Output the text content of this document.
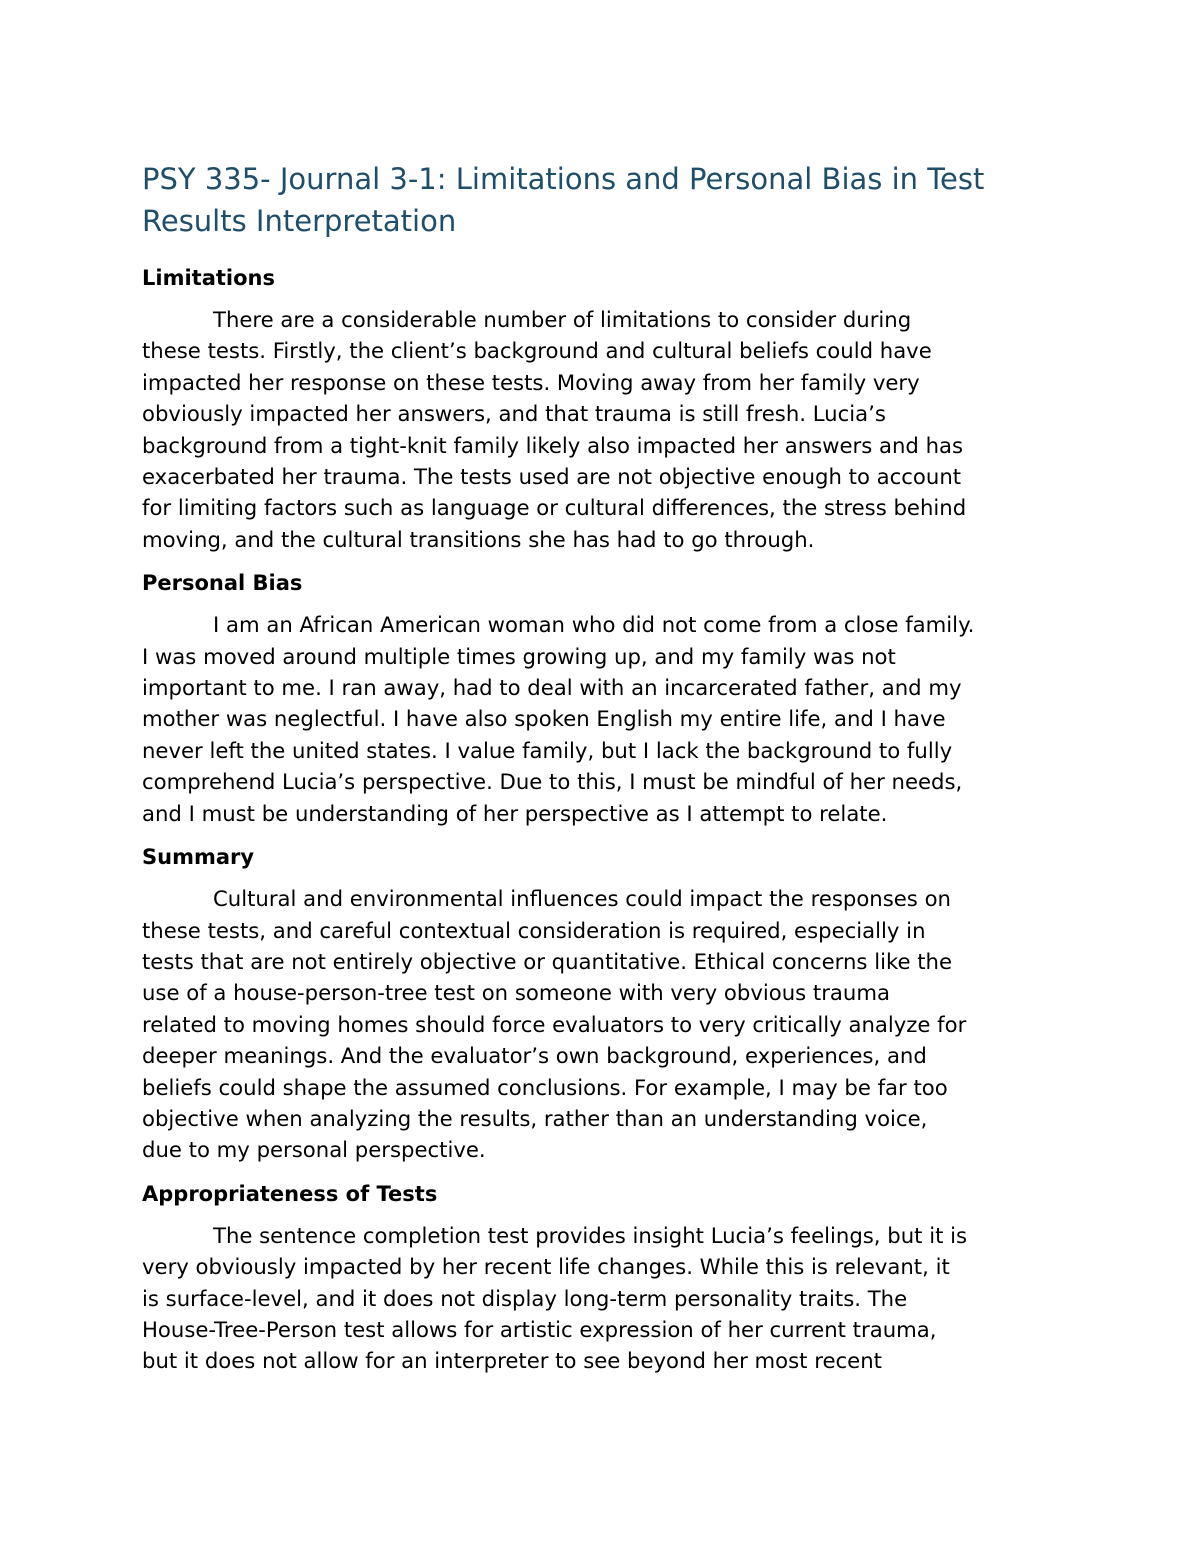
PSY 335- Journal 3-1: Limitations and Personal Bias in Test
Results Interpretation
Limitations

There are a considerable number of limitations to consider during
these tests. Firstly, the client’s background and cultural beliefs could have
impacted her response on these tests. Moving away from her family very
obviously impacted her answers, and that trauma is still fresh. Lucia’s
background from a tight-knit family likely also impacted her answers and has
exacerbated her trauma. The tests used are not objective enough to account
for limiting factors such as language or cultural differences, the stress behind
moving, and the cultural transitions she has had to go through.

Personal Bias

I am an African American woman who did not come from a close family.
I was moved around multiple times growing up, and my family was not
important to me. I ran away, had to deal with an incarcerated father, and my
mother was neglectful. I have also spoken English my entire life, and I have
never left the united states. I value family, but I lack the background to fully
comprehend Lucia’s perspective. Due to this, I must be mindful of her needs,
and I must be understanding of her perspective as I attempt to relate.

Summary

Cultural and environmental influences could impact the responses on
these tests, and careful contextual consideration is required, especially in
tests that are not entirely objective or quantitative. Ethical concerns like the
use of a house-person-tree test on someone with very obvious trauma
related to moving homes should force evaluators to very critically analyze for
deeper meanings. And the evaluator’s own background, experiences, and
beliefs could shape the assumed conclusions. For example, I may be far too
objective when analyzing the results, rather than an understanding voice,
due to my personal perspective.

Appropriateness of Tests

The sentence completion test provides insight Lucia’s feelings, but it is
very obviously impacted by her recent life changes. While this is relevant, it
is surface-level, and it does not display long-term personality traits. The
House-Tree-Person test allows for artistic expression of her current trauma,
but it does not allow for an interpreter to see beyond her most recent
